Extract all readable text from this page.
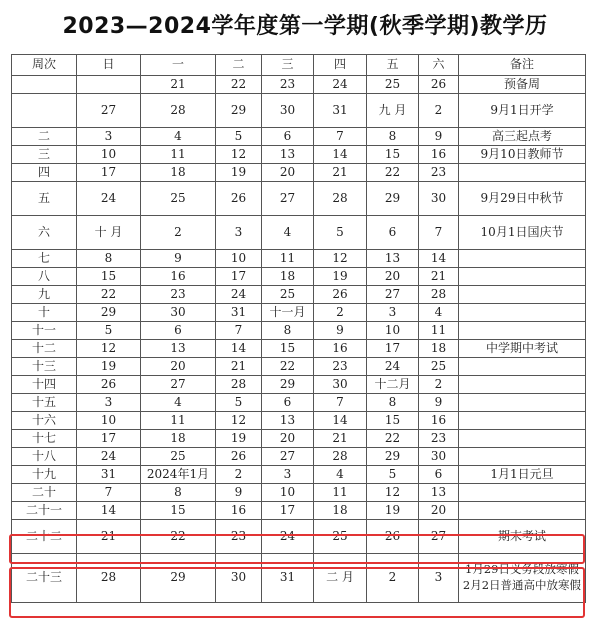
2023—2024学年度第一学期(秋季学期)教学历
周次	日	一	二	三	四	五	六	备注
		21	22	23	24	25	26	预备周
	27	28	29	30	31	九 月	2	9月1日开学
二	3	4	5	6	7	8	9	高三起点考
三	10	11	12	13	14	15	16	9月10日教师节
四	17	18	19	20	21	22	23	
五	24	25	26	27	28	29	30	9月29日中秋节
六	十 月	2	3	4	5	6	7	10月1日国庆节
七	8	9	10	11	12	13	14	
八	15	16	17	18	19	20	21	
九	22	23	24	25	26	27	28	
十	29	30	31	十一月	2	3	4	
十一	5	6	7	8	9	10	11	
十二	12	13	14	15	16	17	18	中学期中考试
十三	19	20	21	22	23	24	25	
十四	26	27	28	29	30	十二月	2	
十五	3	4	5	6	7	8	9	
十六	10	11	12	13	14	15	16	
十七	17	18	19	20	21	22	23	
十八	24	25	26	27	28	29	30	
十九	31	2024年1月	2	3	4	5	6	1月1日元旦
二十	7	8	9	10	11	12	13	
二十一	14	15	16	17	18	19	20	
二十二	21	22	23	24	25	26	27	期末考试
二十三	28	29	30	31	二 月	2	3	1月29日义务段放寒假
2月2日普通高中放寒假
